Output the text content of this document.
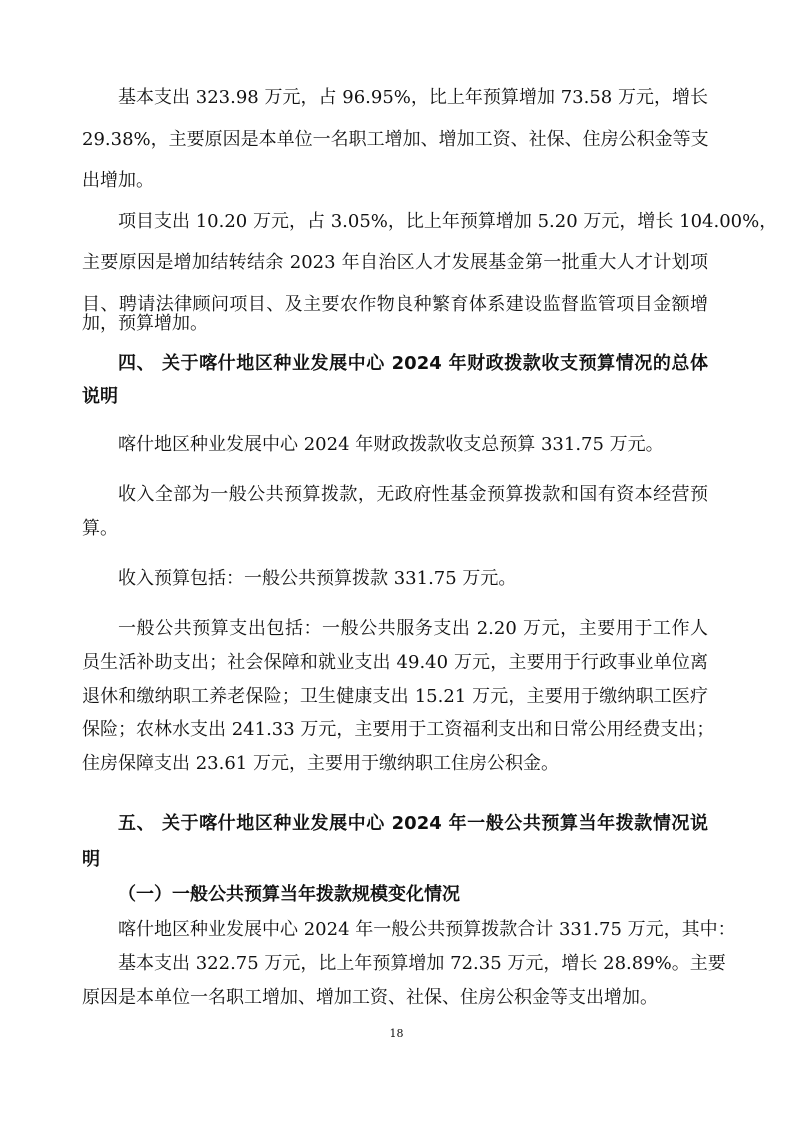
基本支出 323.98 万元，占 96.95%，比上年预算增加 73.58 万元，增长

29.38%，主要原因是本单位一名职工增加、增加工资、社保、住房公积金等支

出增加。

项目支出 10.20 万元，占 3.05%，比上年预算增加 5.20 万元，增长 104.00%，

主要原因是增加结转结余 2023 年自治区人才发展基金第一批重大人才计划项

目、聘请法律顾问项目、及主要农作物良种繁育体系建设监督监管项目金额增

加，预算增加。

四、 关于喀什地区种业发展中心 2024 年财政拨款收支预算情况的总体

说明

喀什地区种业发展中心 2024 年财政拨款收支总预算 331.75 万元。

收入全部为一般公共预算拨款，无政府性基金预算拨款和国有资本经营预

算。

收入预算包括：一般公共预算拨款 331.75 万元。

一般公共预算支出包括：一般公共服务支出 2.20 万元，主要用于工作人

员生活补助支出；社会保障和就业支出 49.40 万元，主要用于行政事业单位离

退休和缴纳职工养老保险；卫生健康支出 15.21 万元，主要用于缴纳职工医疗

保险；农林水支出 241.33 万元，主要用于工资福利支出和日常公用经费支出；

住房保障支出 23.61 万元，主要用于缴纳职工住房公积金。

五、 关于喀什地区种业发展中心 2024 年一般公共预算当年拨款情况说

明

（一）一般公共预算当年拨款规模变化情况

喀什地区种业发展中心 2024 年一般公共预算拨款合计 331.75 万元，其中：

基本支出 322.75 万元，比上年预算增加 72.35 万元，增长 28.89%。主要

原因是本单位一名职工增加、增加工资、社保、住房公积金等支出增加。

18
